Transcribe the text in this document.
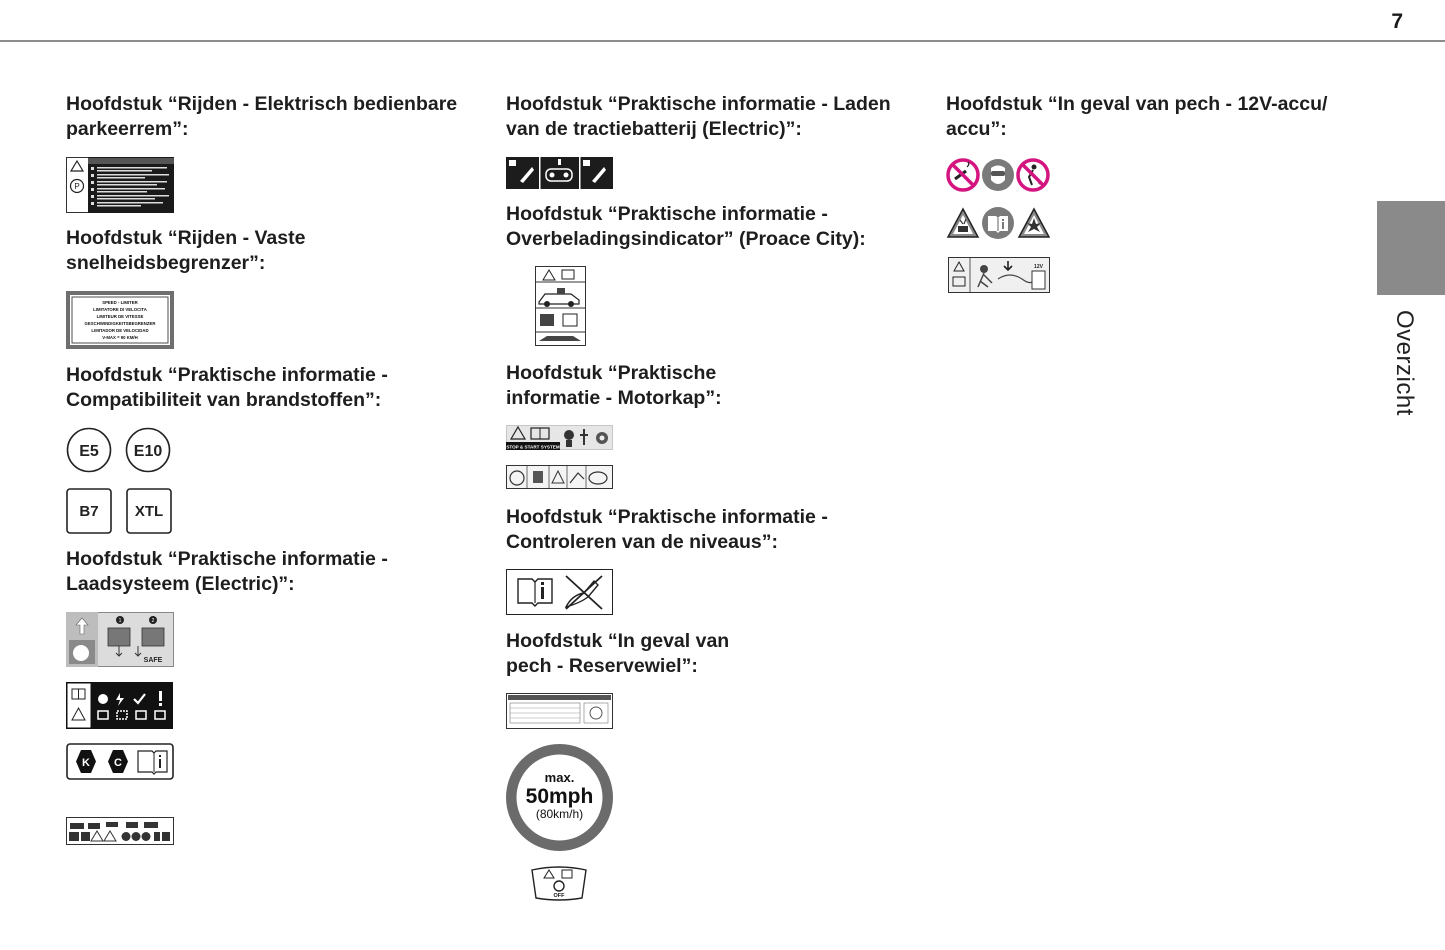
7
Overzicht
Hoofdstuk “Rijden - Elektrisch bedienbare
parkeerrem”:
P
Hoofdstuk “Rijden - Vaste
snelheidsbegrenzer”:
SPEED - LIMITER
LIMITATORE DI VELOCITA
LIMITEUR DE VITESSE
GESCHWINDIGKEITSBEGRENZER
LIMITADOR DE VELOCIDAD
V-MAX = 90 KM/H
Hoofdstuk “Praktische informatie -
Compatibiliteit van brandstoffen”:
E5 E10
B7 XTL
Hoofdstuk “Praktische informatie -
Laadsysteem (Electric)”:
1	2
SAFE
K C
Hoofdstuk “Praktische informatie - Laden
van de tractiebatterij (Electric)”:
Hoofdstuk “Praktische informatie -
Overbeladingsindicator” (Proace City):
Hoofdstuk “Praktische
informatie - Motorkap”:
STOP & START SYSTEM
Hoofdstuk “Praktische informatie -
Controleren van de niveaus”:
Hoofdstuk “In geval van
pech - Reservewiel”:
max.
50mph
(80km/h)
OFF
Hoofdstuk “In geval van pech - 12V-accu/
accu”:
12V
